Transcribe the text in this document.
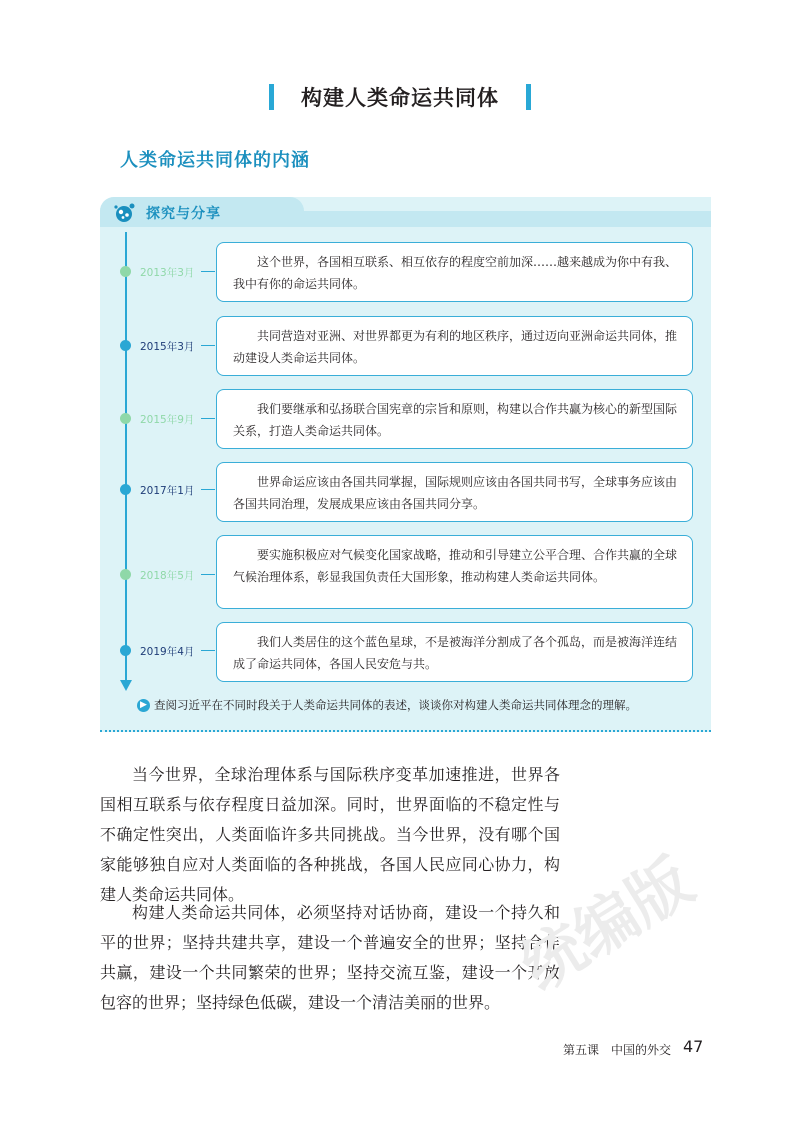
构建人类命运共同体
人类命运共同体的内涵
探究与分享
2013年3月
这个世界，各国相互联系、相互依存的程度空前加深……越来越成为你中有我、我中有你的命运共同体。
2015年3月
共同营造对亚洲、对世界都更为有利的地区秩序，通过迈向亚洲命运共同体，推动建设人类命运共同体。
2015年9月
我们要继承和弘扬联合国宪章的宗旨和原则，构建以合作共赢为核心的新型国际关系，打造人类命运共同体。
2017年1月
世界命运应该由各国共同掌握，国际规则应该由各国共同书写，全球事务应该由各国共同治理，发展成果应该由各国共同分享。
2018年5月
要实施积极应对气候变化国家战略，推动和引导建立公平合理、合作共赢的全球气候治理体系，彰显我国负责任大国形象，推动构建人类命运共同体。
2019年4月
我们人类居住的这个蓝色星球，不是被海洋分割成了各个孤岛，而是被海洋连结成了命运共同体，各国人民安危与共。
▶ 查阅习近平在不同时段关于人类命运共同体的表述，谈谈你对构建人类命运共同体理念的理解。
当今世界，全球治理体系与国际秩序变革加速推进，世界各国相互联系与依存程度日益加深。同时，世界面临的不稳定性与不确定性突出，人类面临许多共同挑战。当今世界，没有哪个国家能够独自应对人类面临的各种挑战，各国人民应同心协力，构建人类命运共同体。
构建人类命运共同体，必须坚持对话协商，建设一个持久和平的世界；坚持共建共享，建设一个普遍安全的世界；坚持合作共赢，建设一个共同繁荣的世界；坚持交流互鉴，建设一个开放包容的世界；坚持绿色低碳，建设一个清洁美丽的世界。 统编版
第五课　中国的外交 47
